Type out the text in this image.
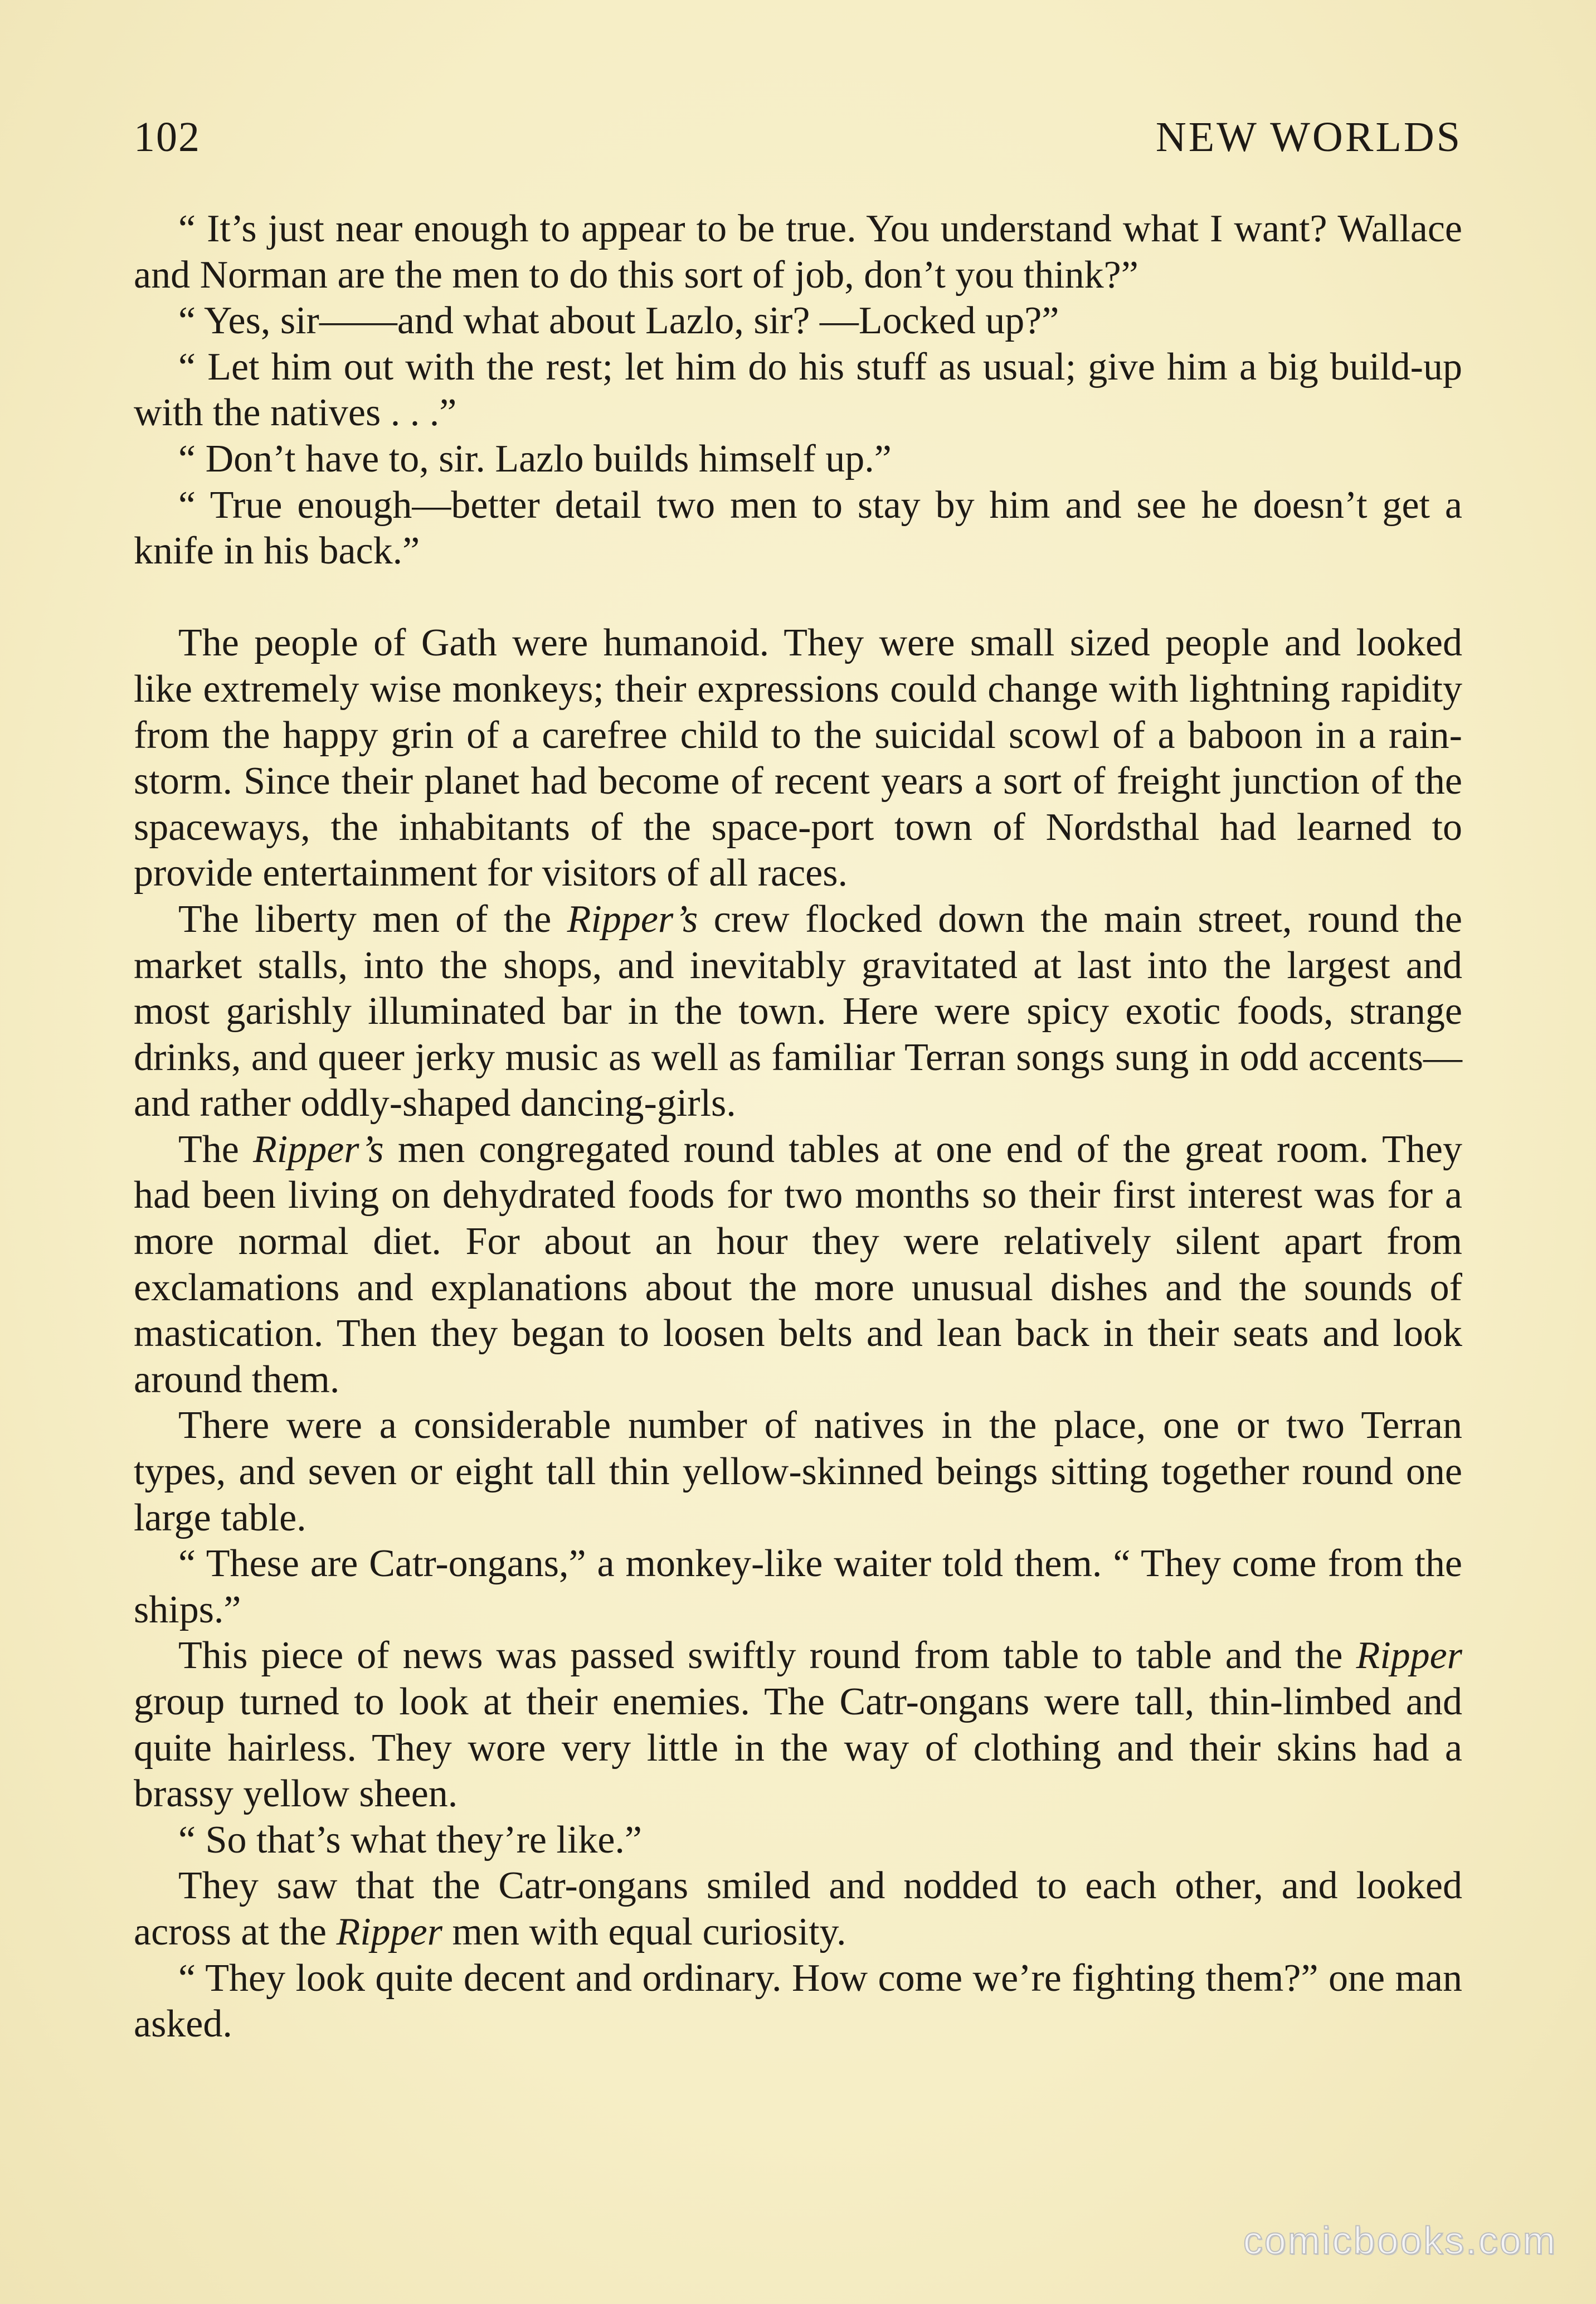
102	NEW WORLDS

“ It’s just near enough to appear to be true. You understand what I want? Wallace and Norman are the men to do this sort of job, don’t you think?”

“ Yes, sir——and what about Lazlo, sir? —Locked up?”

“ Let him out with the rest; let him do his stuff as usual; give him a big build-up with the natives . . .”

“ Don’t have to, sir. Lazlo builds himself up.”

“ True enough—better detail two men to stay by him and see he doesn’t get a knife in his back.”

The people of Gath were humanoid. They were small sized people and looked like extremely wise monkeys; their expressions could change with lightning rapidity from the happy grin of a carefree child to the suicidal scowl of a baboon in a rain-storm. Since their planet had become of recent years a sort of freight junction of the spaceways, the inhabitants of the space-port town of Nordsthal had learned to provide entertainment for visitors of all races.

The liberty men of the Ripper’s crew flocked down the main street, round the market stalls, into the shops, and inevitably gravitated at last into the largest and most garishly illuminated bar in the town. Here were spicy exotic foods, strange drinks, and queer jerky music as well as familiar Terran songs sung in odd accents—and rather oddly-shaped dancing-girls.

The Ripper’s men congregated round tables at one end of the great room. They had been living on dehydrated foods for two months so their first interest was for a more normal diet. For about an hour they were relatively silent apart from exclamations and explanations about the more unusual dishes and the sounds of mastication. Then they began to loosen belts and lean back in their seats and look around them.

There were a considerable number of natives in the place, one or two Terran types, and seven or eight tall thin yellow-skinned beings sitting together round one large table.

“ These are Catr-ongans,” a monkey-like waiter told them. “ They come from the ships.”

This piece of news was passed swiftly round from table to table and the Ripper group turned to look at their enemies. The Catr-ongans were tall, thin-limbed and quite hairless. They wore very little in the way of clothing and their skins had a brassy yellow sheen.

“ So that’s what they’re like.”

They saw that the Catr-ongans smiled and nodded to each other, and looked across at the Ripper men with equal curiosity.

“ They look quite decent and ordinary. How come we’re fighting them?” one man asked.

comicbooks.com
